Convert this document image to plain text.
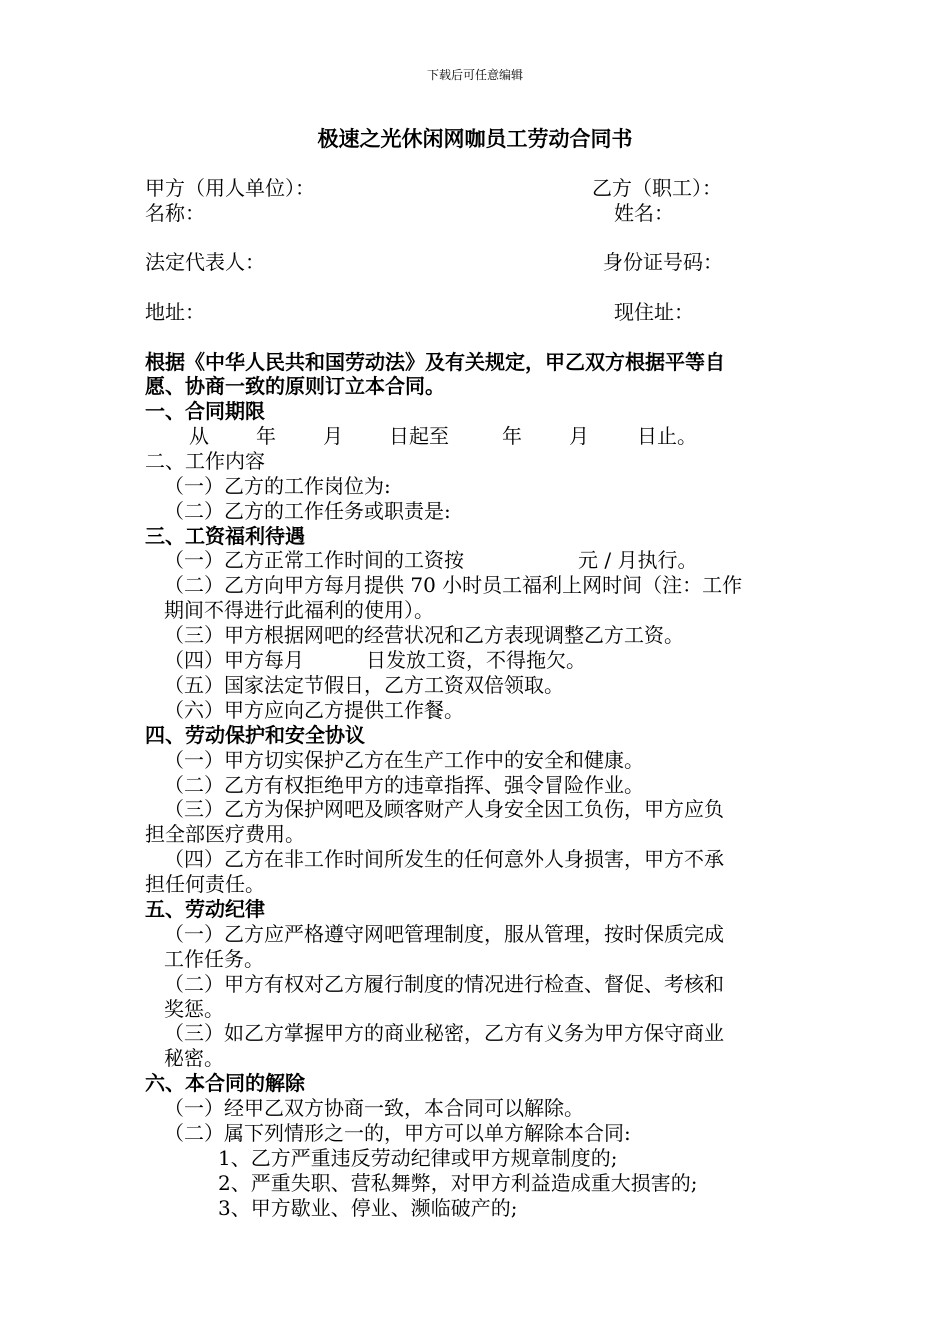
下载后可任意编辑
极速之光休闲网咖员工劳动合同书
甲方（用人单位）：	乙方（职工）：
名称：	姓名：
法定代表人：	身份证号码：
地址：	现住址：
根据《中华人民共和国劳动法》及有关规定，甲乙双方根据平等自
愿、协商一致的原则订立本合同。
一、合同期限
从 年 月 日起至	年 月 日止。
二、工作内容
（一）乙方的工作岗位为:
（二）乙方的工作任务或职责是:
三、工资福利待遇
（一）乙方正常工作时间的工资按	元 / 月执行。
（二）乙方向甲方每月提供 70 小时员工福利上网时间（注：工作
期间不得进行此福利的使用）。
（三）甲方根据网吧的经营状况和乙方表现调整乙方工资。
（四）甲方每月	日发放工资，不得拖欠。
（五）国家法定节假日，乙方工资双倍领取。
（六）甲方应向乙方提供工作餐。
四、劳动保护和安全协议
（一）甲方切实保护乙方在生产工作中的安全和健康。
（二）乙方有权拒绝甲方的违章指挥、强令冒险作业。
（三）乙方为保护网吧及顾客财产人身安全因工负伤，甲方应负
担全部医疗费用。
（四）乙方在非工作时间所发生的任何意外人身损害，甲方不承
担任何责任。
五、劳动纪律
（一）乙方应严格遵守网吧管理制度，服从管理，按时保质完成
工作任务。
（二）甲方有权对乙方履行制度的情况进行检查、督促、考核和
奖惩。
（三）如乙方掌握甲方的商业秘密，乙方有义务为甲方保守商业
秘密。
六、本合同的解除
（一）经甲乙双方协商一致，本合同可以解除。
（二）属下列情形之一的，甲方可以单方解除本合同:
1、乙方严重违反劳动纪律或甲方规章制度的;
2、严重失职、营私舞弊，对甲方利益造成重大损害的;
3、甲方歇业、停业、濒临破产的;
